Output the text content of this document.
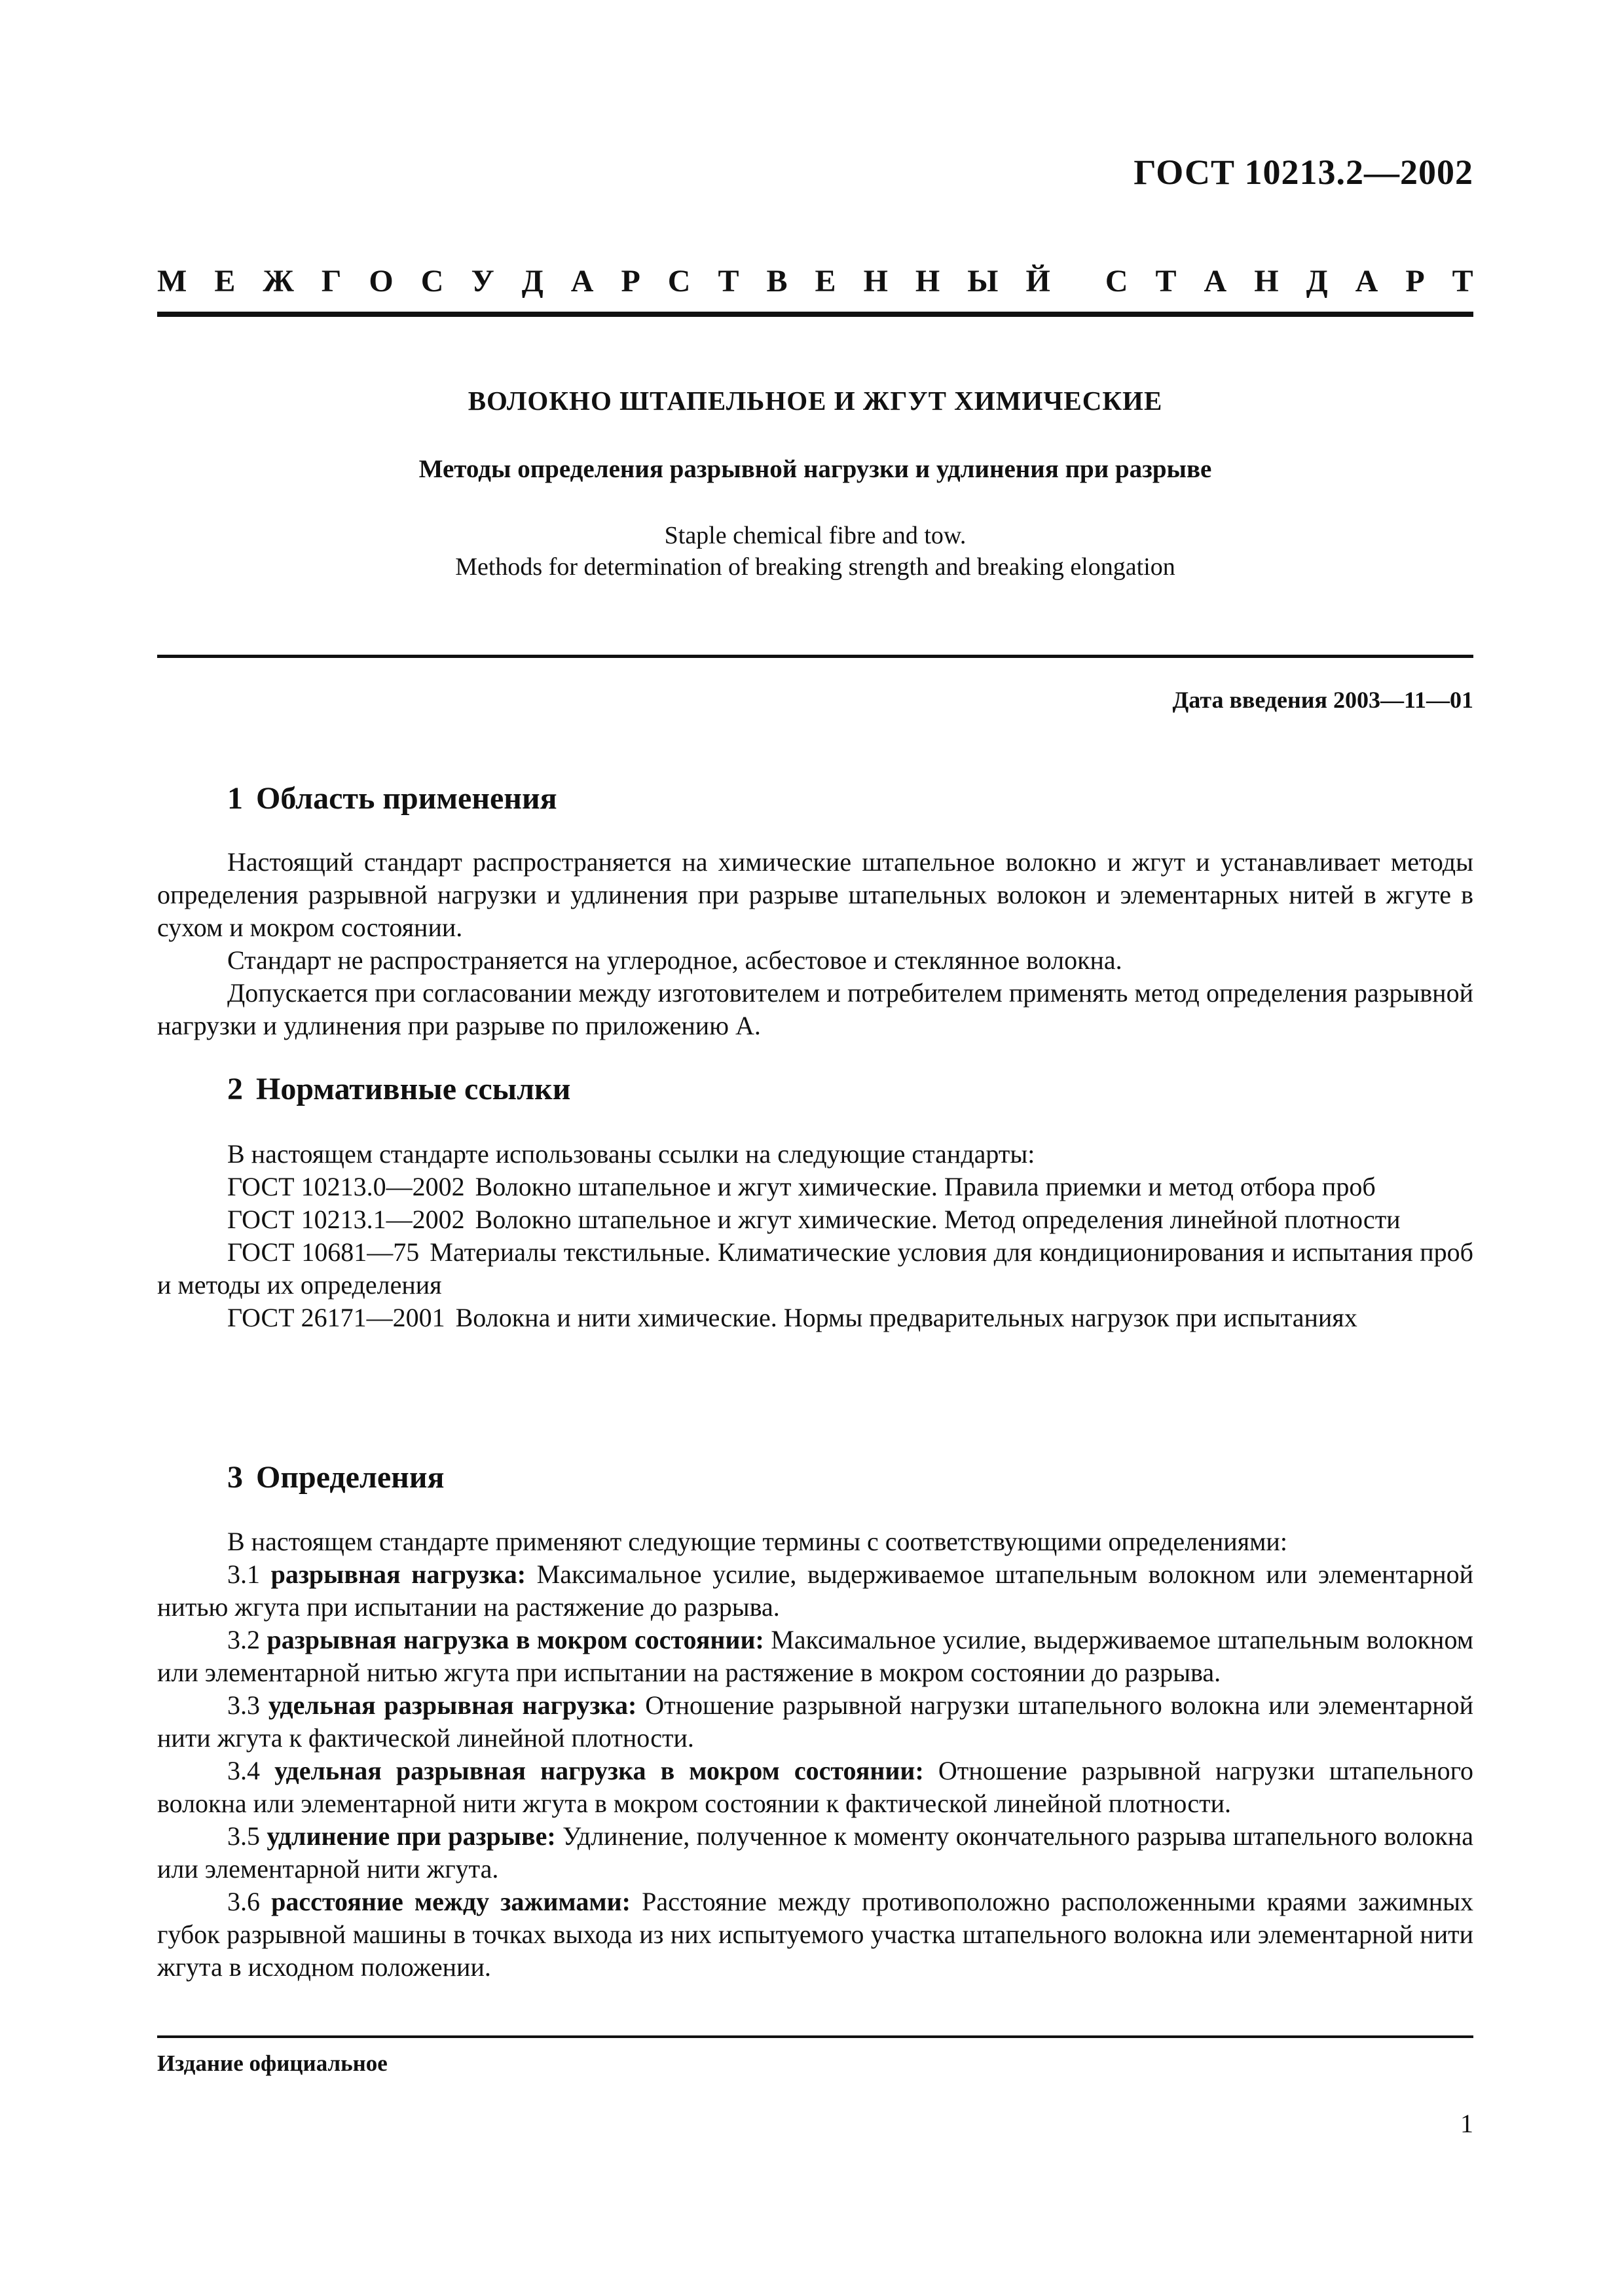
ГОСТ 10213.2—2002
М Е Ж Г О С У Д А Р С Т В Е Н Н Ы Й С Т А Н Д А Р Т
ВОЛОКНО ШТАПЕЛЬНОЕ И ЖГУТ ХИМИЧЕСКИЕ
Методы определения разрывной нагрузки и удлинения при разрыве
Staple chemical fibre and tow.
Methods for determination of breaking strength and breaking elongation
Дата введения 2003—11—01
1 Область применения

Настоящий стандарт распространяется на химические штапельное волокно и жгут и устанавливает методы определения разрывной нагрузки и удлинения при разрыве штапельных волокон и элементарных нитей в жгуте в сухом и мокром состоянии.

Стандарт не распространяется на углеродное, асбестовое и стеклянное волокна.

Допускается при согласовании между изготовителем и потребителем применять метод определения разрывной нагрузки и удлинения при разрыве по приложению А.

2 Нормативные ссылки

В настоящем стандарте использованы ссылки на следующие стандарты:

ГОСТ 10213.0—2002 Волокно штапельное и жгут химические. Правила приемки и метод отбора проб

ГОСТ 10213.1—2002 Волокно штапельное и жгут химические. Метод определения линейной плотности

ГОСТ 10681—75 Материалы текстильные. Климатические условия для кондиционирования и испытания проб и методы их определения

ГОСТ 26171—2001 Волокна и нити химические. Нормы предварительных нагрузок при испытаниях

3 Определения

В настоящем стандарте применяют следующие термины с соответствующими определениями:

3.1 разрывная нагрузка: Максимальное усилие, выдерживаемое штапельным волокном или элементарной нитью жгута при испытании на растяжение до разрыва.

3.2 разрывная нагрузка в мокром состоянии: Максимальное усилие, выдерживаемое штапельным волокном или элементарной нитью жгута при испытании на растяжение в мокром состоянии до разрыва.

3.3 удельная разрывная нагрузка: Отношение разрывной нагрузки штапельного волокна или элементарной нити жгута к фактической линейной плотности.

3.4 удельная разрывная нагрузка в мокром состоянии: Отношение разрывной нагрузки штапельного волокна или элементарной нити жгута в мокром состоянии к фактической линейной плотности.

3.5 удлинение при разрыве: Удлинение, полученное к моменту окончательного разрыва штапельного волокна или элементарной нити жгута.

3.6 расстояние между зажимами: Расстояние между противоположно расположенными краями зажимных губок разрывной машины в точках выхода из них испытуемого участка штапельного волокна или элементарной нити жгута в исходном положении.

Издание официальное
1
